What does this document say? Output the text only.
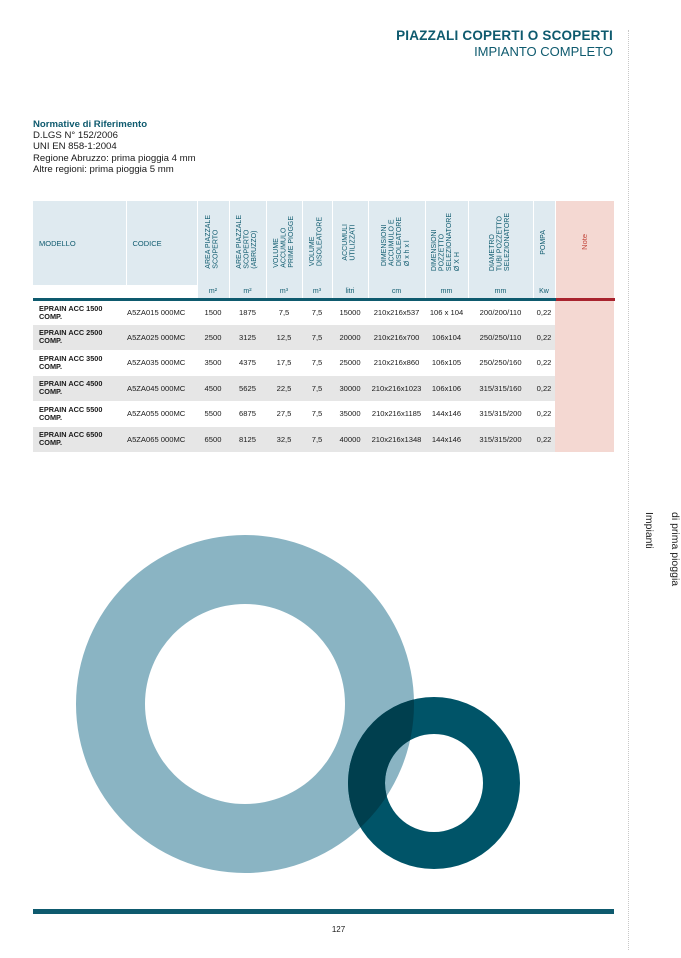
PIAZZALI COPERTI O SCOPERTI
IMPIANTO COMPLETO
Normative di Riferimento
D.LGS N° 152/2006
UNI EN 858-1:2004
Regione Abruzzo: prima pioggia 4 mm
Altre regioni: prima pioggia 5 mm
MODELLO	CODICE	AREA PIAZZALE
SCOPERTO	AREA PIAZZALE
SCOPERTO
(ABRUZZO)	VOLUME
ACCUMULO
PRIME PIOGGE	VOLUME
DISOLEATORE	ACCUMULI
UTILIZZATI	DIMENSIONI
ACCUMULO E
DISOLEATORE
Ø x h x l	DIMENSIONI
POZZETTO
SELEZIONATORE
Ø X H	DIAMETRO
TUBI POZZETTO
SELEZIONATORE	POMPA	Note
		m²	m²	m³	m³	litri	cm	mm	mm	Kw	
EPRAIN ACC 1500 COMP.	A5ZA015 000MC	1500	1875	7,5	7,5	15000	210x216x537	106 x 104	200/200/110	0,22	
EPRAIN ACC 2500 COMP.	A5ZA025 000MC	2500	3125	12,5	7,5	20000	210x216x700	106x104	250/250/110	0,22	
EPRAIN ACC 3500 COMP.	A5ZA035 000MC	3500	4375	17,5	7,5	25000	210x216x860	106x105	250/250/160	0,22	
EPRAIN ACC 4500 COMP.	A5ZA045 000MC	4500	5625	22,5	7,5	30000	210x216x1023	106x106	315/315/160	0,22	
EPRAIN ACC 5500 COMP.	A5ZA055 000MC	5500	6875	27,5	7,5	35000	210x216x1185	144x146	315/315/200	0,22	
EPRAIN ACC 6500 COMP.	A5ZA065 000MC	6500	8125	32,5	7,5	40000	210x216x1348	144x146	315/315/200	0,22	
Impianti di prima pioggia
127
